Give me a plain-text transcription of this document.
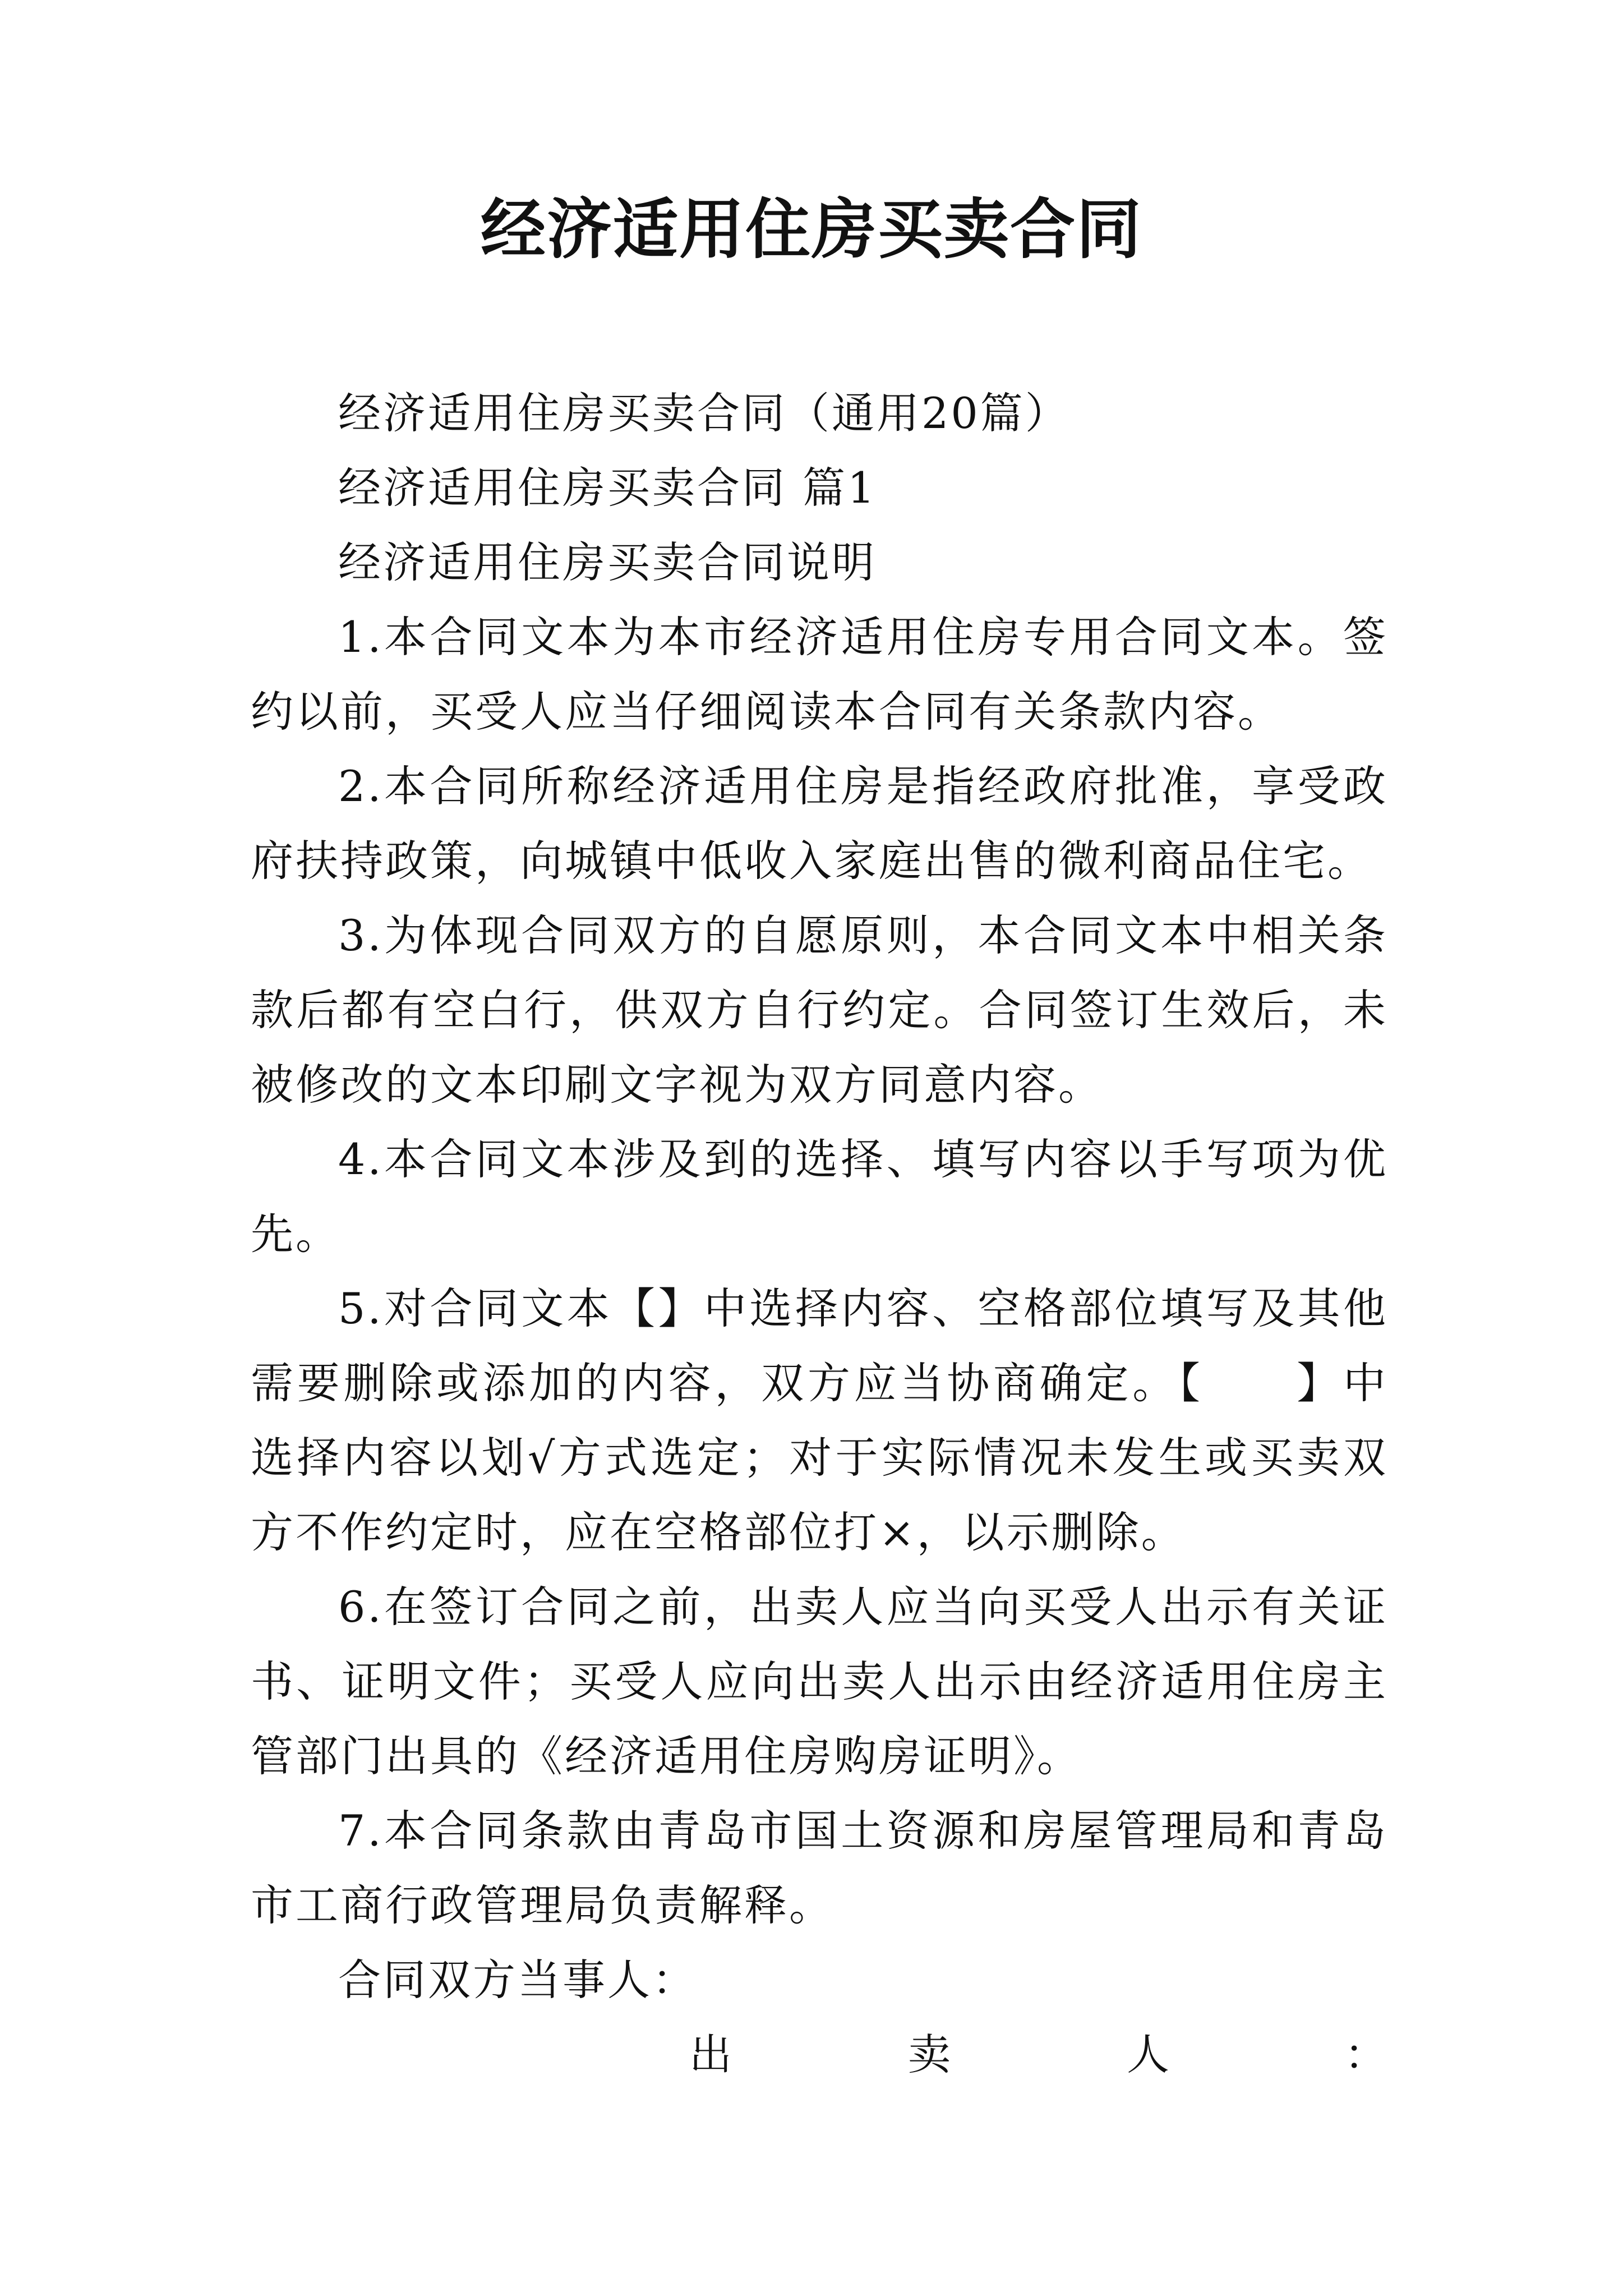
经济适用住房买卖合同

经济适用住房买卖合同（通用20篇）

经济适用住房买卖合同 篇1

经济适用住房买卖合同说明

1.本合同文本为本市经济适用住房专用合同文本。签约以前，买受人应当仔细阅读本合同有关条款内容。

2.本合同所称经济适用住房是指经政府批准，享受政府扶持政策，向城镇中低收入家庭出售的微利商品住宅。

3.为体现合同双方的自愿原则，本合同文本中相关条款后都有空白行，供双方自行约定。合同签订生效后，未被修改的文本印刷文字视为双方同意内容。

4.本合同文本涉及到的选择、填写内容以手写项为优先。

5.对合同文本【】中选择内容、空格部位填写及其他需要删除或添加的内容，双方应当协商确定。【　　】中选择内容以划√方式选定；对于实际情况未发生或买卖双方不作约定时，应在空格部位打×，以示删除。

6.在签订合同之前，出卖人应当向买受人出示有关证书、证明文件；买受人应向出卖人出示由经济适用住房主管部门出具的《经济适用住房购房证明》。

7.本合同条款由青岛市国土资源和房屋管理局和青岛市工商行政管理局负责解释。

合同双方当事人：

出	卖	人	：
